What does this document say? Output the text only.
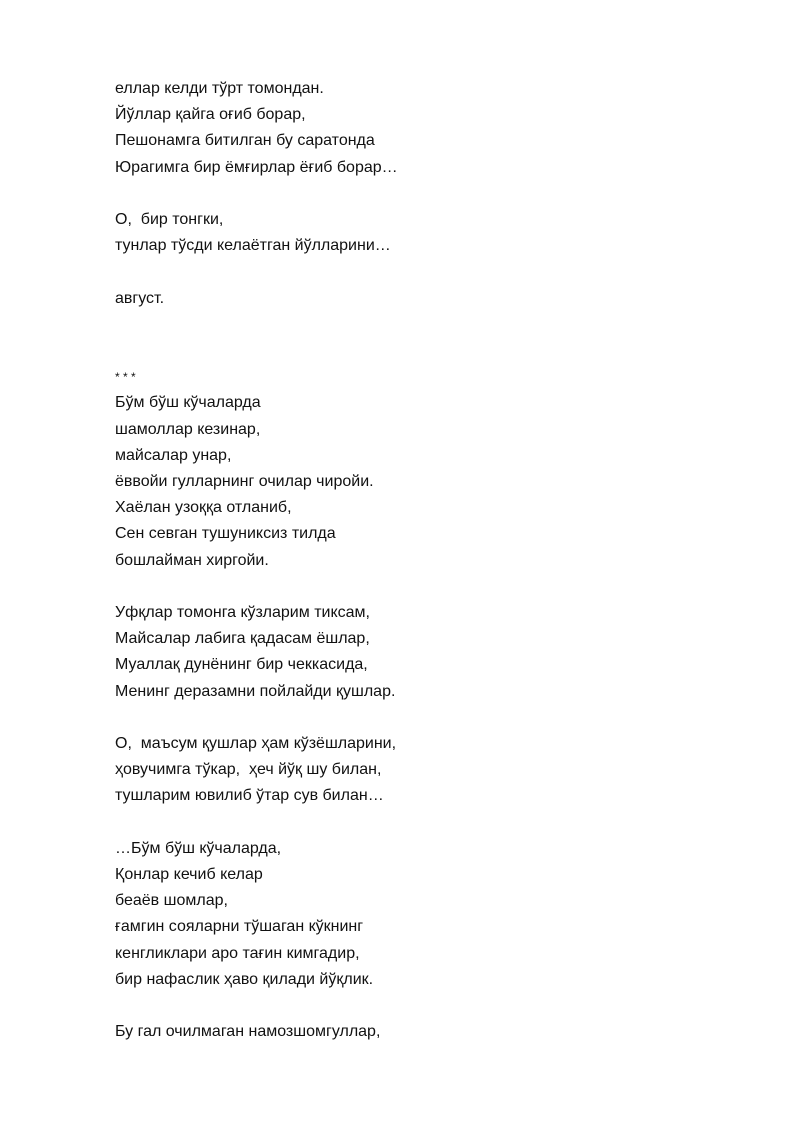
еллар келди тўрт томондан.
Йўллар қайга оғиб борар,
Пешонамга битилган бу саратонда
Юрагимга бир ёмғирлар ёғиб борар…
О,  бир тонгки,
тунлар тўсди келаётган йўлларини…
август.
* * *
Бўм бўш кўчаларда
шамоллар кезинар,
майсалар унар,
ёввойи гулларнинг очилар чиройи.
Хаёлан узоққа отланиб,
Сен севган тушуниксиз тилда
бошлайман хиргойи.
Уфқлар томонга кўзларим тиксам,
Майсалар лабига қадасам ёшлар,
Муаллақ дунёнинг бир чеккасида,
Менинг деразамни пойлайди қушлар.
О,  маъсум қушлар ҳам кўзёшларини,
ҳовучимга тўкар,  ҳеч йўқ шу билан,
тушларим ювилиб ўтар сув билан…
…Бўм бўш кўчаларда,
Қонлар кечиб келар
беаёв шомлар,
ғамгин сояларни тўшаган кўкнинг
кенгликлари аро тағин кимгадир,
бир нафаслик ҳаво қилади йўқлик.
Бу гал очилмаган намозшомгуллар,
